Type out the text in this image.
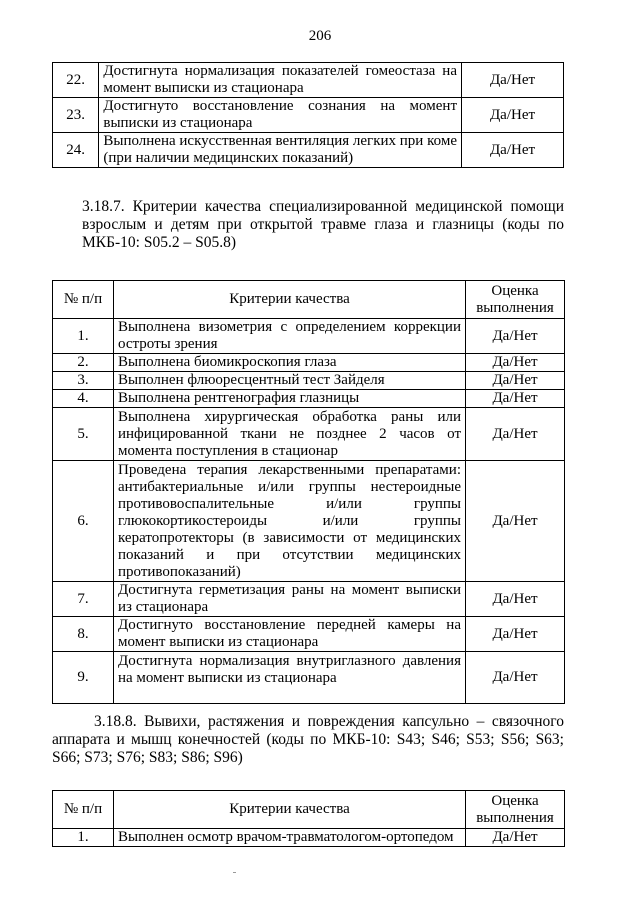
206
22.	Достигнута нормализация показателей гомеостаза на момент выписки из стационара	Да/Нет
23.	Достигнуто восстановление сознания на момент выписки из стационара	Да/Нет
24.	Выполнена искусственная вентиляция легких при коме (при наличии медицинских показаний)	Да/Нет
3.18.7. Критерии качества специализированной медицинской помощи взрослым и детям при открытой травме глаза и глазницы (коды по МКБ-10: S05.2 – S05.8)
№ п/п	Критерии качества	Оценка выполнения
1.	Выполнена визометрия с определением коррекции остроты зрения	Да/Нет
2.	Выполнена биомикроскопия глаза	Да/Нет
3.	Выполнен флюоресцентный тест Зайделя	Да/Нет
4.	Выполнена рентгенография глазницы	Да/Нет
5.	Выполнена хирургическая обработка раны или инфицированной ткани не позднее 2 часов от момента поступления в стационар	Да/Нет
6.	Проведена терапия лекарственными препаратами: антибактериальные и/или группы нестероидные противовоспалительные и/или группы глюкокортикостероиды и/или группы кератопротекторы (в зависимости от медицинских показаний и при отсутствии медицинских противопоказаний)	Да/Нет
7.	Достигнута герметизация раны на момент выписки из стационара	Да/Нет
8.	Достигнуто восстановление передней камеры на момент выписки из стационара	Да/Нет
9.	Достигнута нормализация внутриглазного давления на момент выписки из стационара	Да/Нет
3.18.8. Вывихи, растяжения и повреждения капсульно – связочного аппарата и мышц конечностей (коды по МКБ-10: S43; S46; S53; S56; S63; S66; S73; S76; S83; S86; S96)
№ п/п	Критерии качества	Оценка выполнения
1.	Выполнен осмотр врачом-травматологом-ортопедом	Да/Нет
